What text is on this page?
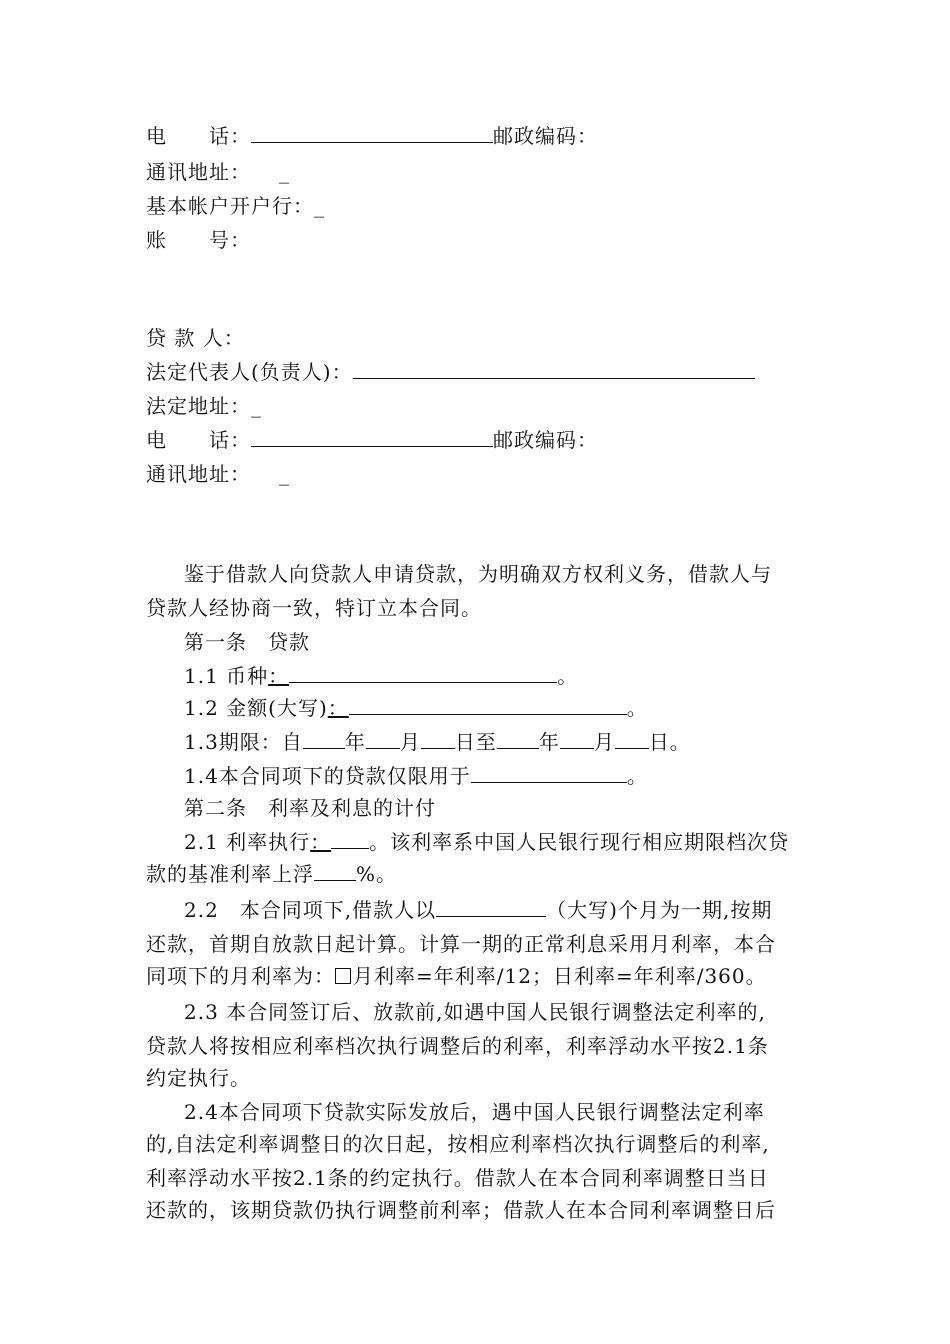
电 话：	邮政编码：
通讯地址： _
基本帐户开户行：_
账 号：
贷 款 人：
法定代表人(负责人)：
法定地址：_
电 话：	邮政编码：
通讯地址： _
鉴于借款人向贷款人申请贷款，为明确双方权利义务，借款人与
贷款人经协商一致，特订立本合同。
第一条　贷款
1.1 币种：	。
1.2 金额(大写)：	。
1.3期限：自 年 月 日至 年 月 日。
1.4本合同项下的贷款仅限用于	。
第二条　利率及利息的计付
2.1 利率执行： 。该利率系中国人民银行现行相应期限档次贷
款的基准利率上浮 %。
2.2　本合同项下,借款人以	（大写)个月为一期,按期
还款，首期自放款日起计算。计算一期的正常利息采用月利率，本合
同项下的月利率为： 月利率=年利率/12；日利率=年利率/360。
2.3 本合同签订后、放款前,如遇中国人民银行调整法定利率的,
贷款人将按相应利率档次执行调整后的利率，利率浮动水平按2.1条
约定执行。
2.4本合同项下贷款实际发放后，遇中国人民银行调整法定利率
的,自法定利率调整日的次日起，按相应利率档次执行调整后的利率,
利率浮动水平按2.1条的约定执行。借款人在本合同利率调整日当日
还款的，该期贷款仍执行调整前利率；借款人在本合同利率调整日后
